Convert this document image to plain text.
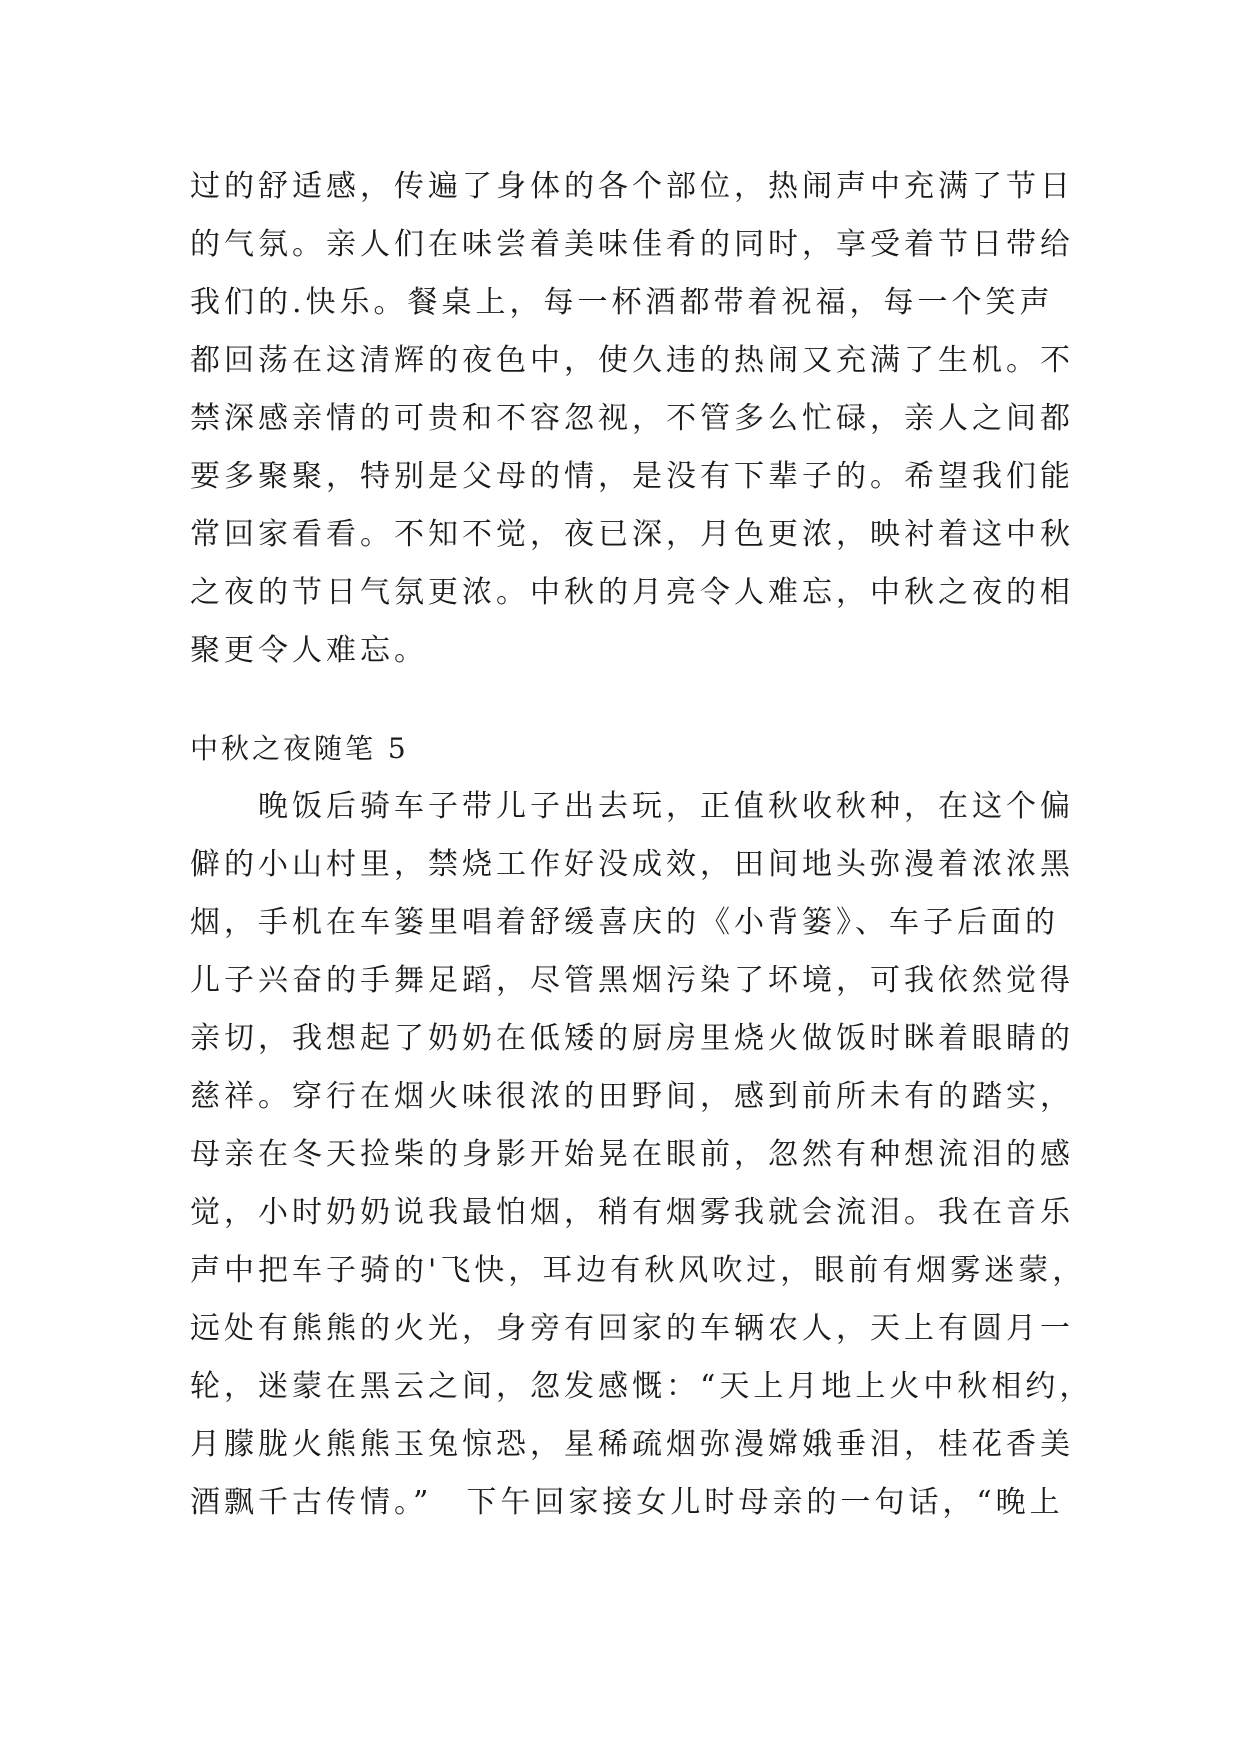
过的舒适感，传遍了身体的各个部位，热闹声中充满了节日
的气氛。亲人们在味尝着美味佳肴的同时，享受着节日带给
我们的.快乐。餐桌上，每一杯酒都带着祝福，每一个笑声
都回荡在这清辉的夜色中，使久违的热闹又充满了生机。不
禁深感亲情的可贵和不容忽视，不管多么忙碌，亲人之间都
要多聚聚，特别是父母的情，是没有下辈子的。希望我们能
常回家看看。不知不觉，夜已深，月色更浓，映衬着这中秋
之夜的节日气氛更浓。中秋的月亮令人难忘，中秋之夜的相
聚更令人难忘。
中秋之夜随笔 5
　　晚饭后骑车子带儿子出去玩，正值秋收秋种，在这个偏
僻的小山村里，禁烧工作好没成效，田间地头弥漫着浓浓黑
烟，手机在车篓里唱着舒缓喜庆的《小背篓》、车子后面的
儿子兴奋的手舞足蹈，尽管黑烟污染了坏境，可我依然觉得
亲切，我想起了奶奶在低矮的厨房里烧火做饭时眯着眼睛的
慈祥。穿行在烟火味很浓的田野间，感到前所未有的踏实，
母亲在冬天捡柴的身影开始晃在眼前，忽然有种想流泪的感
觉，小时奶奶说我最怕烟，稍有烟雾我就会流泪。我在音乐
声中把车子骑的'飞快，耳边有秋风吹过，眼前有烟雾迷蒙，
远处有熊熊的火光，身旁有回家的车辆农人，天上有圆月一
轮，迷蒙在黑云之间，忽发感慨：“天上月地上火中秋相约，
月朦胧火熊熊玉兔惊恐，星稀疏烟弥漫嫦娥垂泪，桂花香美
酒飘千古传情。”　下午回家接女儿时母亲的一句话，“晚上
